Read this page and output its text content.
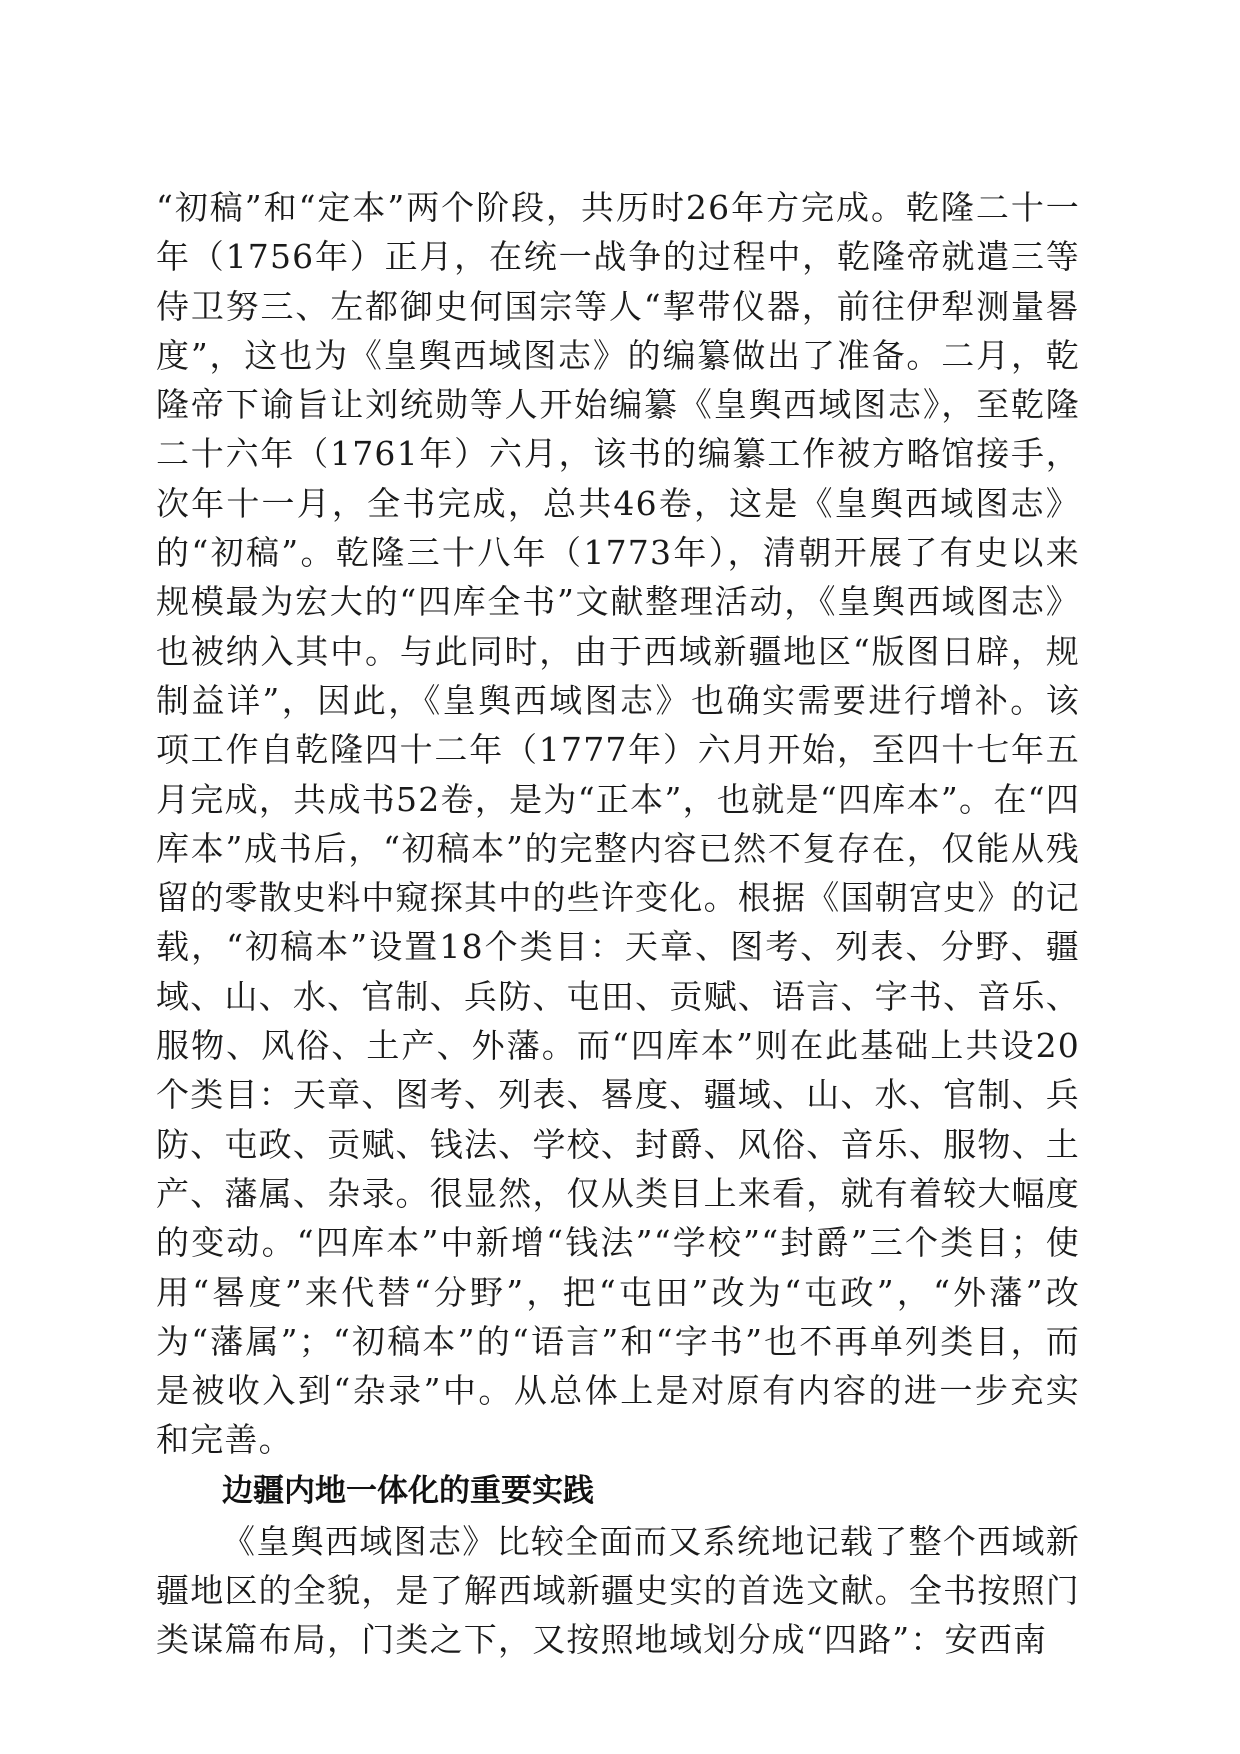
“初稿”和“定本”两个阶段，共历时26年方完成。乾隆二十一年（1756年）正月，在统一战争的过程中，乾隆帝就遣三等侍卫努三、左都御史何国宗等人“挈带仪器，前往伊犁测量晷度”，这也为《皇舆西域图志》的编纂做出了准备。二月，乾隆帝下谕旨让刘统勋等人开始编纂《皇舆西域图志》，至乾隆二十六年（1761年）六月，该书的编纂工作被方略馆接手，次年十一月，全书完成，总共46卷，这是《皇舆西域图志》的“初稿”。乾隆三十八年（1773年），清朝开展了有史以来规模最为宏大的“四库全书”文献整理活动，《皇舆西域图志》也被纳入其中。与此同时，由于西域新疆地区“版图日辟，规制益详”，因此，《皇舆西域图志》也确实需要进行增补。该项工作自乾隆四十二年（1777年）六月开始，至四十七年五月完成，共成书52卷，是为“正本”，也就是“四库本”。在“四库本”成书后，“初稿本”的完整内容已然不复存在，仅能从残留的零散史料中窥探其中的些许变化。根据《国朝宫史》的记载，“初稿本”设置18个类目：天章、图考、列表、分野、疆域、山、水、官制、兵防、屯田、贡赋、语言、字书、音乐、服物、风俗、土产、外藩。而“四库本”则在此基础上共设20个类目：天章、图考、列表、晷度、疆域、山、水、官制、兵防、屯政、贡赋、钱法、学校、封爵、风俗、音乐、服物、土产、藩属、杂录。很显然，仅从类目上来看，就有着较大幅度的变动。“四库本”中新增“钱法”“学校”“封爵”三个类目；使用“晷度”来代替“分野”，把“屯田”改为“屯政”，“外藩”改为“藩属”；“初稿本”的“语言”和“字书”也不再单列类目，而是被收入到“杂录”中。从总体上是对原有内容的进一步充实和完善。

边疆内地一体化的重要实践

《皇舆西域图志》比较全面而又系统地记载了整个西域新疆地区的全貌，是了解西域新疆史实的首选文献。全书按照门类谋篇布局，门类之下，又按照地域划分成“四路”：安西南
